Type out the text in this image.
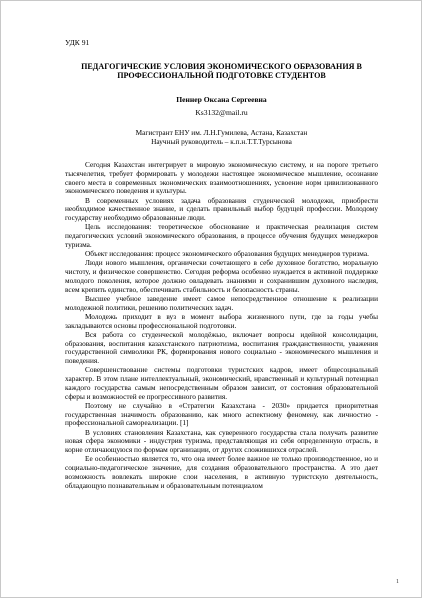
УДК 91
ПЕДАГОГИЧЕСКИЕ УСЛОВИЯ ЭКОНОМИЧЕСКОГО ОБРАЗОВАНИЯ В
ПРОФЕССИОНАЛЬНОЙ ПОДГОТОВКЕ СТУДЕНТОВ
Пеннер Оксана Сергеевна
Ks3132@mail.ru

Магистрант ЕНУ им. Л.Н.Гумилева, Астана, Казахстан

Научный руководитель – к.п.н.Т.Т.Турсынова

Сегодня Казахстан интегрирует в мировую экономическую систему, и на пороге третьего тысячелетия, требует формировать у молодежи настоящее экономическое мышление, осознание своего места в современных экономических взаимоотношениях, усвоение норм цивилизованного экономического поведения и культуры.

В современных условиях задача образования студенческой молодежи, приобрести необходимое качественное знание, и сделать правильный выбор будущей профессии. Молодому государству необходимо образованные люди.

Цель исследования: теоретическое обоснование и практическая реализация систем педагогических условий экономического образования, в процессе обучения будущих менеджеров туризма.

Объект исследования: процесс экономического образования будущих менеджеров туризма.

Люди нового мышления, органически сочетающего в себе духовное богатство, моральную чистоту, и физическое совершенство. Сегодня реформа особенно нуждается в активной поддержке молодого поколения, которое должно овладевать знаниями и сохранившим духовного наследия, всем крепить единство, обеспечивать стабильность и безопасность страны.

Высшее учебное заведение имеет самое непосредственное отношение к реализации молодежной политики, решению политических задач.

Молодежь приходит в вуз в момент выбора жизненного пути, где за годы учебы закладываются основы профессиональной подготовки.

Вся работа со студенческой молодёжью, включает вопросы идейной консолидации, образования, воспитания казахстанского патриотизма, воспитания гражданственности, уважения государственной символики РК, формирования нового социально - экономического мышления и поведения.

Совершенствование системы подготовки туристских кадров, имеет общесоциальный характер. В этом плане интеллектуальный, экономический, нравственный и культурный потенциал каждого государства самым непосредственным образом зависит, от состояния образовательной сферы и возможностей ее прогрессивного развития.

Поэтому не случайно в «Стратегии Казахстана - 2030» придается приоритетная государственная значимость образованию, как много аспектному феномену, как личностно - профессиональной самореализации. [1]

В условиях становления Казахстана, как суверенного государства стала получать развитие новая сфера экономики - индустрия туризма, представляющая из себя определенную отрасль, в корне отличающуюся по формам организации, от других сложившихся отраслей.

Ее особенностью является то, что она имеет более важное не только производственное, но и социально-педагогическое значение, для создания образовательного пространства. А это дает возможность вовлекать широкие слои населения, в активную туристскую деятельность, обладающую познавательным и образовательным потенциалом

1
